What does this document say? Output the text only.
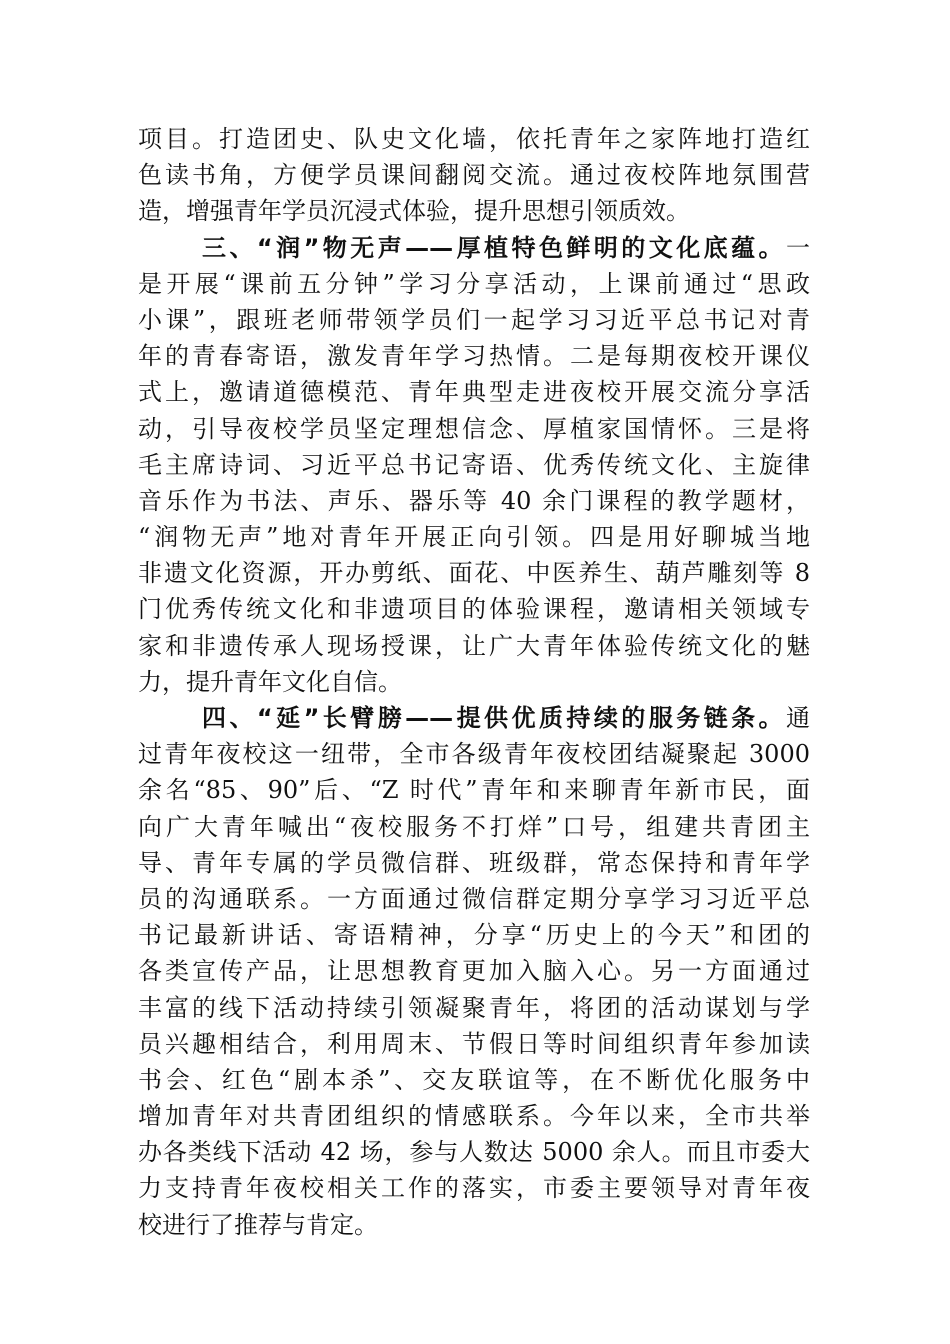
项目。打造团史、队史文化墙，依托青年之家阵地打造红
色读书角，方便学员课间翻阅交流。通过夜校阵地氛围营
造，增强青年学员沉浸式体验，提升思想引领质效。
三、“润”物无声——厚植特色鲜明的文化底蕴。一
是开展“课前五分钟”学习分享活动，上课前通过“思政
小课”，跟班老师带领学员们一起学习习近平总书记对青
年的青春寄语，激发青年学习热情。二是每期夜校开课仪
式上，邀请道德模范、青年典型走进夜校开展交流分享活
动，引导夜校学员坚定理想信念、厚植家国情怀。三是将
毛主席诗词、习近平总书记寄语、优秀传统文化、主旋律
音乐作为书法、声乐、器乐等 40 余门课程的教学题材，
“润物无声”地对青年开展正向引领。四是用好聊城当地
非遗文化资源，开办剪纸、面花、中医养生、葫芦雕刻等 8
门优秀传统文化和非遗项目的体验课程，邀请相关领域专
家和非遗传承人现场授课，让广大青年体验传统文化的魅
力，提升青年文化自信。
四、“延”长臂膀——提供优质持续的服务链条。通
过青年夜校这一纽带，全市各级青年夜校团结凝聚起 3000
余名“85、90”后、“Z 时代”青年和来聊青年新市民，面
向广大青年喊出“夜校服务不打烊”口号，组建共青团主
导、青年专属的学员微信群、班级群，常态保持和青年学
员的沟通联系。一方面通过微信群定期分享学习习近平总
书记最新讲话、寄语精神，分享“历史上的今天”和团的
各类宣传产品，让思想教育更加入脑入心。另一方面通过
丰富的线下活动持续引领凝聚青年，将团的活动谋划与学
员兴趣相结合，利用周末、节假日等时间组织青年参加读
书会、红色“剧本杀”、交友联谊等，在不断优化服务中
增加青年对共青团组织的情感联系。今年以来，全市共举
办各类线下活动 42 场，参与人数达 5000 余人。而且市委大
力支持青年夜校相关工作的落实，市委主要领导对青年夜
校进行了推荐与肯定。
